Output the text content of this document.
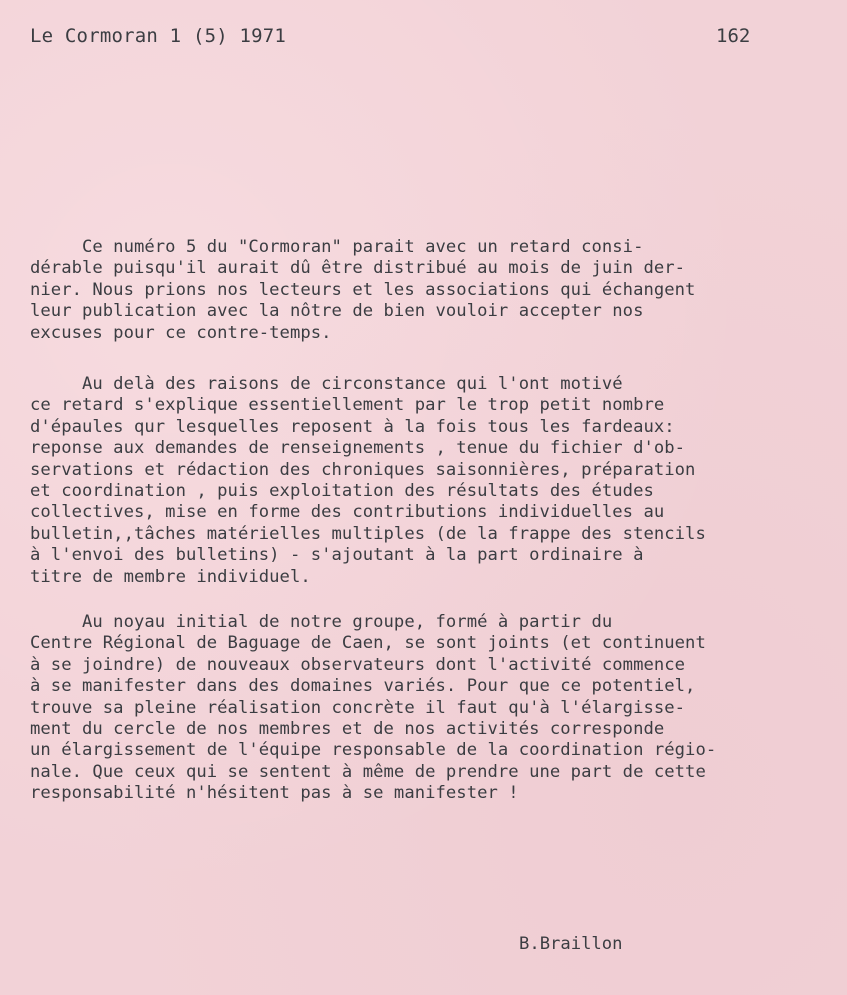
Le Cormoran 1 (5) 1971	162
Ce numéro 5 du "Cormoran" parait avec un retard consi-
dérable puisqu'il aurait dû être distribué au mois de juin der-
nier. Nous prions nos lecteurs et les associations qui échangent
leur publication avec la nôtre de bien vouloir accepter nos
excuses pour ce contre-temps.
Au delà des raisons de circonstance qui l'ont motivé
ce retard s'explique essentiellement par le trop petit nombre
d'épaules qur lesquelles reposent à la fois tous les fardeaux:
reponse aux demandes de renseignements , tenue du fichier d'ob-
servations et rédaction des chroniques saisonnières, préparation
et coordination , puis exploitation des résultats des études
collectives, mise en forme des contributions individuelles au
bulletin,,tâches matérielles multiples (de la frappe des stencils
à l'envoi des bulletins) - s'ajoutant à la part ordinaire à
titre de membre individuel.
Au noyau initial de notre groupe, formé à partir du
Centre Régional de Baguage de Caen, se sont joints (et continuent
à se joindre) de nouveaux observateurs dont l'activité commence
à se manifester dans des domaines variés. Pour que ce potentiel,
trouve sa pleine réalisation concrète il faut qu'à l'élargisse-
ment du cercle de nos membres et de nos activités corresponde
un élargissement de l'équipe responsable de la coordination régio-
nale. Que ceux qui se sentent à même de prendre une part de cette
responsabilité n'hésitent pas à se manifester !
B.Braillon
